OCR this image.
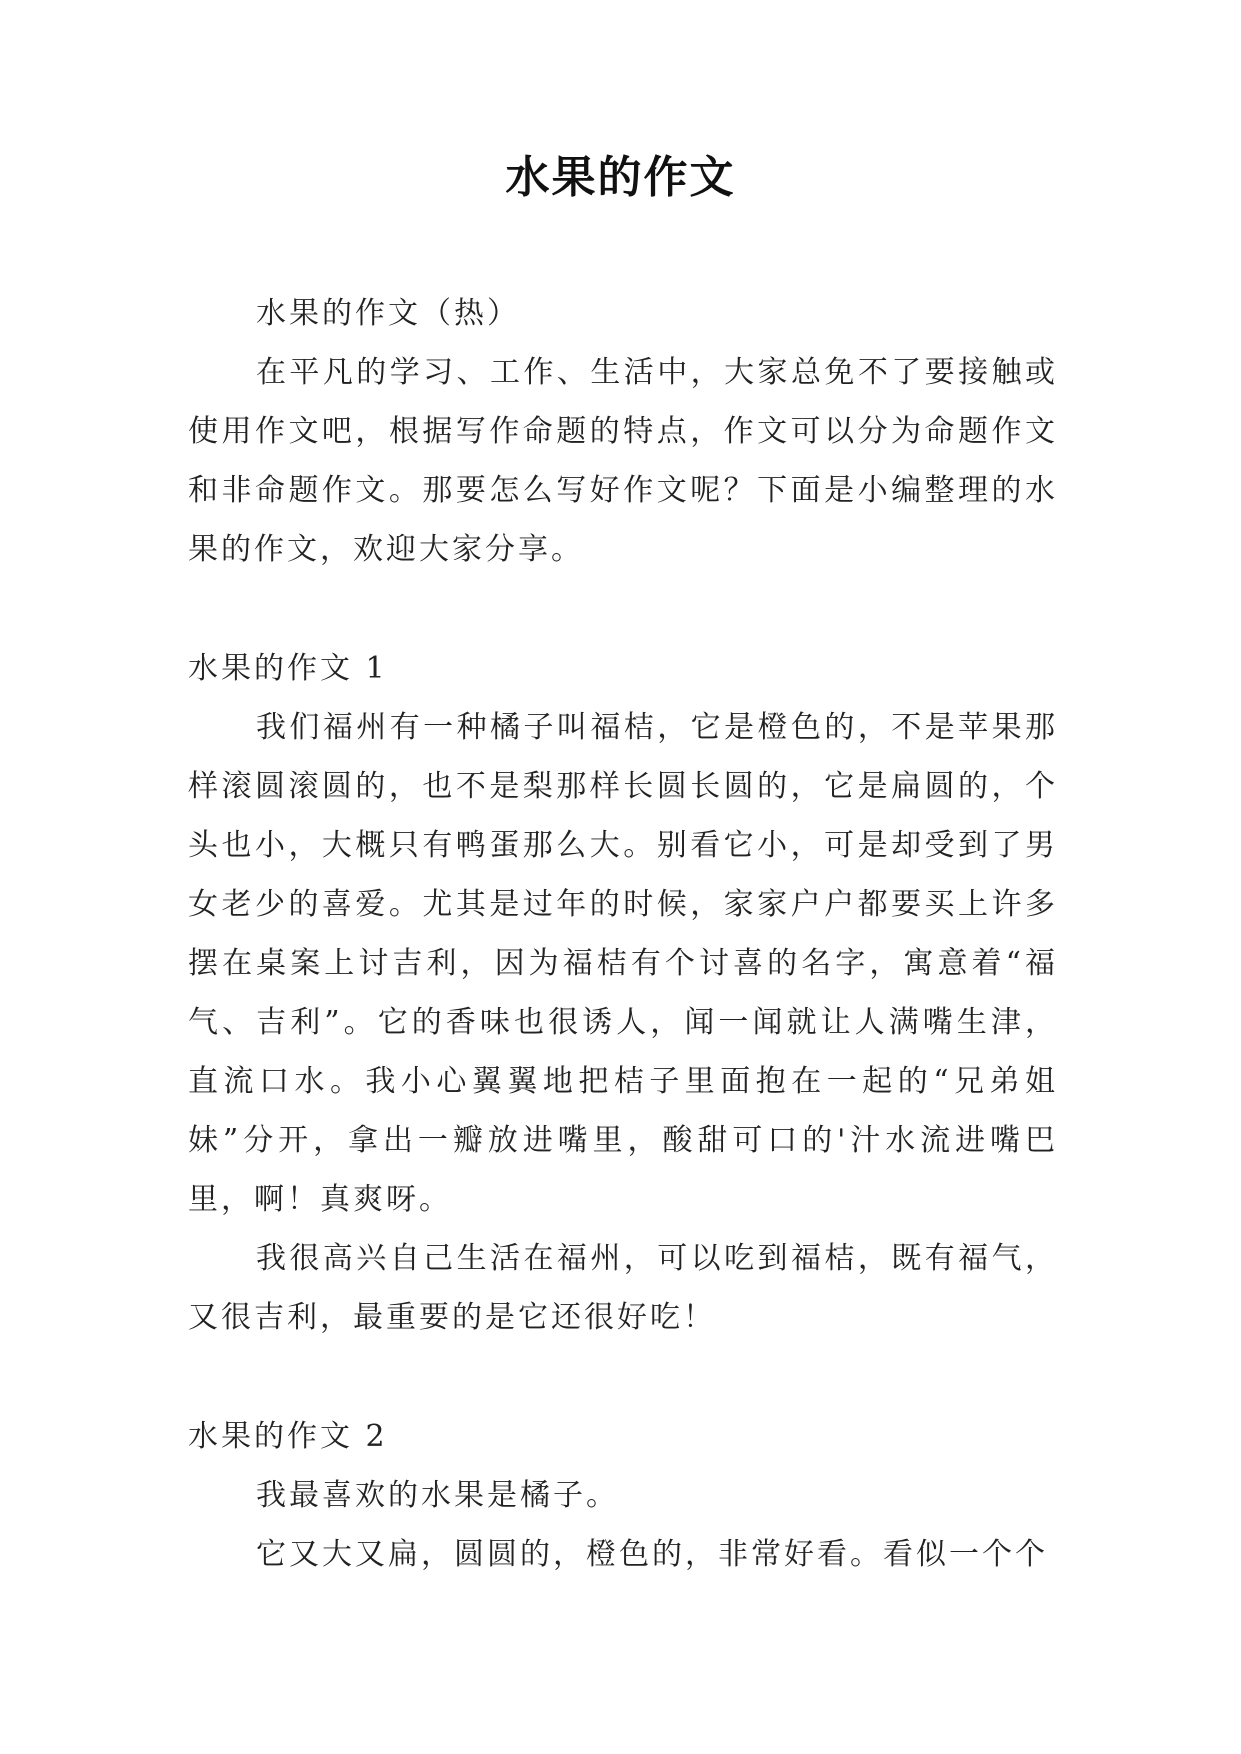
水果的作文

水果的作文（热）

在平凡的学习、工作、生活中，大家总免不了要接触或使用作文吧，根据写作命题的特点，作文可以分为命题作文和非命题作文。那要怎么写好作文呢？下面是小编整理的水果的作文，欢迎大家分享。

水果的作文 1

我们福州有一种橘子叫福桔，它是橙色的，不是苹果那样滚圆滚圆的，也不是梨那样长圆长圆的，它是扁圆的，个头也小，大概只有鸭蛋那么大。别看它小，可是却受到了男女老少的喜爱。尤其是过年的时候，家家户户都要买上许多摆在桌案上讨吉利，因为福桔有个讨喜的名字，寓意着“福气、吉利”。它的香味也很诱人，闻一闻就让人满嘴生津，直流口水。我小心翼翼地把桔子里面抱在一起的“兄弟姐妹”分开，拿出一瓣放进嘴里，酸甜可口的'汁水流进嘴巴里，啊！真爽呀。

我很高兴自己生活在福州，可以吃到福桔，既有福气，又很吉利，最重要的是它还很好吃！

水果的作文 2

我最喜欢的水果是橘子。

它又大又扁，圆圆的，橙色的，非常好看。看似一个个
